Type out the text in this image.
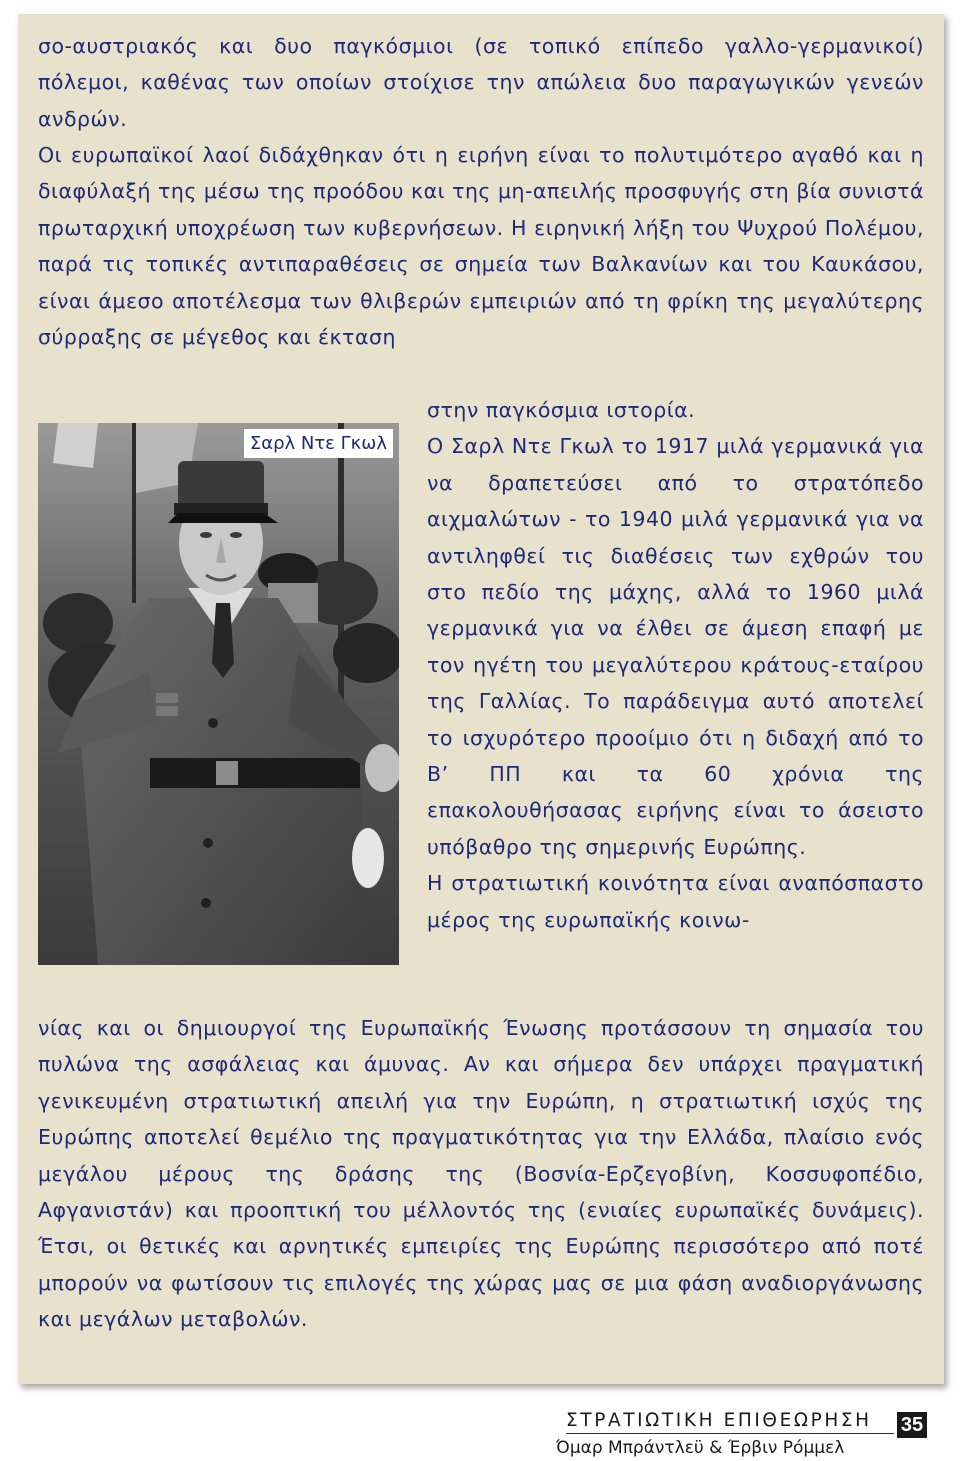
σο-αυστριακός και δυο παγκόσμιοι (σε τοπικό επίπεδο γαλλο-γερμανικοί) πόλεμοι, καθένας των οποίων στοίχισε την απώλεια δυο παραγωγικών γενεών ανδρών.

Οι ευρωπαϊκοί λαοί διδάχθηκαν ότι η ειρήνη είναι το πολυτιμότερο αγαθό και η διαφύλαξή της μέσω της προόδου και της μη-απειλής προσφυγής στη βία συνιστά πρωταρχική υποχρέωση των κυβερνήσεων. Η ειρηνική λήξη του Ψυχρού Πολέμου, παρά τις τοπικές αντιπαραθέσεις σε σημεία των Βαλκανίων και του Καυκάσου, είναι άμεσο αποτέλεσμα των θλιβερών εμπειριών από τη φρίκη της μεγαλύτερης σύρραξης σε μέγεθος και έκταση

Σαρλ Ντε Γκωλ

στην παγκόσμια ιστορία.

Ο Σαρλ Ντε Γκωλ το 1917 μιλά γερμανικά για να δραπετεύσει από το στρατόπεδο αιχμαλώτων - το 1940 μιλά γερμανικά για να αντιληφθεί τις διαθέσεις των εχθρών του στο πεδίο της μάχης, αλλά το 1960 μιλά γερμανικά για να έλθει σε άμεση επαφή με τον ηγέτη του μεγαλύτερου κράτους-εταίρου της Γαλλίας. Το παράδειγμα αυτό αποτελεί το ισχυρότερο προοίμιο ότι η διδαχή από το Β’ ΠΠ και τα 60 χρόνια της επακολουθήσασας ειρήνης είναι το άσειστο υπόβαθρο της σημερινής Ευρώπης.

Η στρατιωτική κοινότητα είναι αναπόσπαστο μέρος της ευρωπαϊκής κοινω-

νίας και οι δημιουργοί της Ευρωπαϊκής Ένωσης προτάσσουν τη σημασία του πυλώνα της ασφάλειας και άμυνας. Αν και σήμερα δεν υπάρχει πραγματική γενικευμένη στρατιωτική απειλή για την Ευρώπη, η στρατιωτική ισχύς της Ευρώπης αποτελεί θεμέλιο της πραγματικότητας για την Ελλάδα, πλαίσιο ενός μεγάλου μέρους της δράσης της (Βοσνία-Ερζεγοβίνη, Κοσσυφοπέδιο, Αφγανιστάν) και προοπτική του μέλλοντός της (ενιαίες ευρωπαϊκές δυνάμεις). Έτσι, οι θετικές και αρνητικές εμπειρίες της Ευρώπης περισσότερο από ποτέ μπορούν να φωτίσουν τις επιλογές της χώρας μας σε μια φάση αναδιοργάνωσης και μεγάλων μεταβολών.

ΣΤΡΑΤΙΩΤΙΚΗ ΕΠΙΘΕΩΡΗΣΗ 35
Όμαρ Μπράντλεϋ & Έρβιν Ρόμμελ
